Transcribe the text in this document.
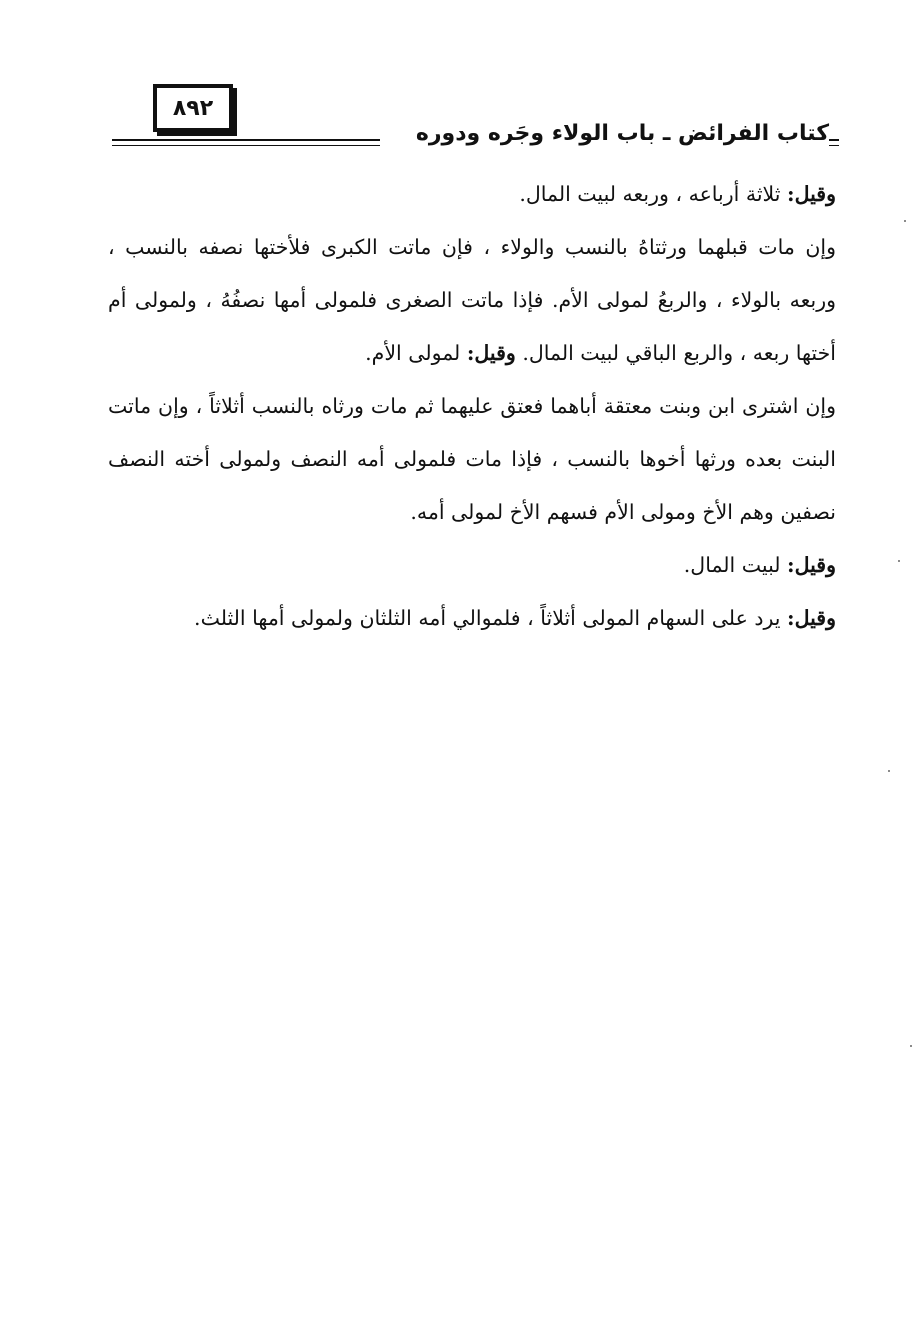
٨٩٢
كتاب الفرائض ـ باب الولاء وجَره ودوره

وقيل: ثلاثة أرباعه ، وربعه لبيت المال.

وإن مات قبلهما ورثتاهُ بالنسب والولاء ، فإن ماتت الكبرى فلأختها نصفه بالنسب ، وربعه بالولاء ، والربعُ لمولى الأم. فإذا ماتت الصغرى فلمولى أمها نصفُهُ ، ولمولى أم أختها ربعه ، والربع الباقي لبيت المال. وقيل: لمولى الأم.

وإن اشترى ابن وبنت معتقة أباهما فعتق عليهما ثم مات ورثاه بالنسب أثلاثاً ، وإن ماتت البنت بعده ورثها أخوها بالنسب ، فإذا مات فلمولى أمه النصف ولمولى أخته النصف نصفين وهم الأخ ومولى الأم فسهم الأخ لمولى أمه.

وقيل: لبيت المال.

وقيل: يرد على السهام المولى أثلاثاً ، فلموالي أمه الثلثان ولمولى أمها الثلث.
